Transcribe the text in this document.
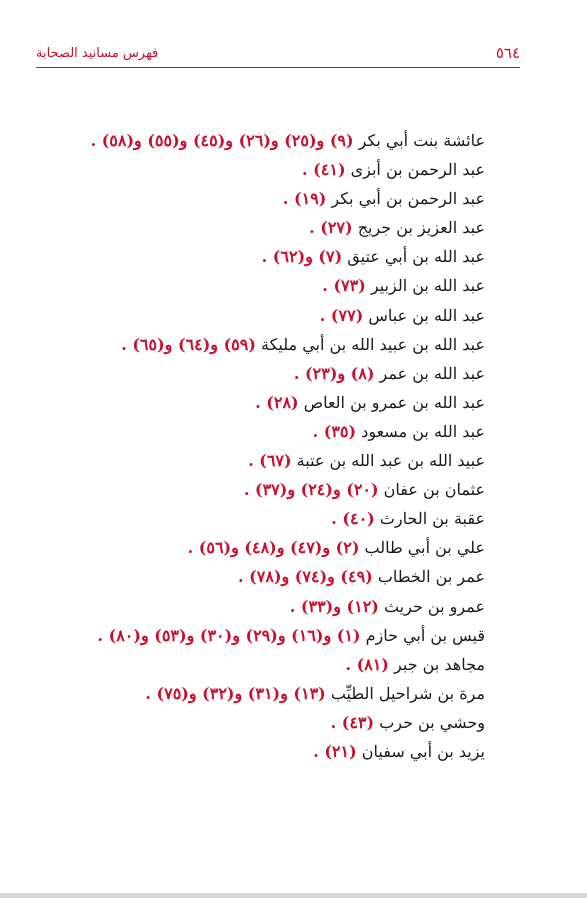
فهرس مسانيد الصحابة	٥٦٤
عائشة بنت أبي بكر (٩) و(٢٥) و(٢٦) و(٤٥) و(٥٥) و(٥٨) .
عبد الرحمن بن أبزى (٤١) .
عبد الرحمن بن أبي بكر (١٩) .
عبد العزيز بن جريج (٢٧) .
عبد الله بن أبي عتيق (٧) و(٦٢) .
عبد الله بن الزبير (٧٣) .
عبد الله بن عباس (٧٧) .
عبد الله بن عبيد الله بن أبي مليكة (٥٩) و(٦٤) و(٦٥) .
عبد الله بن عمر (٨) و(٢٣) .
عبد الله بن عمرو بن العاص (٢٨) .
عبد الله بن مسعود (٣٥) .
عبيد الله بن عبد الله بن عتبة (٦٧) .
عثمان بن عفان (٢٠) و(٢٤) و(٣٧) .
عقبة بن الحارث (٤٠) .
علي بن أبي طالب (٢) و(٤٧) و(٤٨) و(٥٦) .
عمر بن الخطاب (٤٩) و(٧٤) و(٧٨) .
عمرو بن حريث (١٢) و(٣٣) .
قيس بن أبي حازم (١) و(١٦) و(٢٩) و(٣٠) و(٥٣) و(٨٠) .
مجاهد بن جبر (٨١) .
مرة بن شراحيل الطيِّب (١٣) و(٣١) و(٣٢) و(٧٥) .
وحشي بن حرب (٤٣) .
يزيد بن أبي سفيان (٢١) .
